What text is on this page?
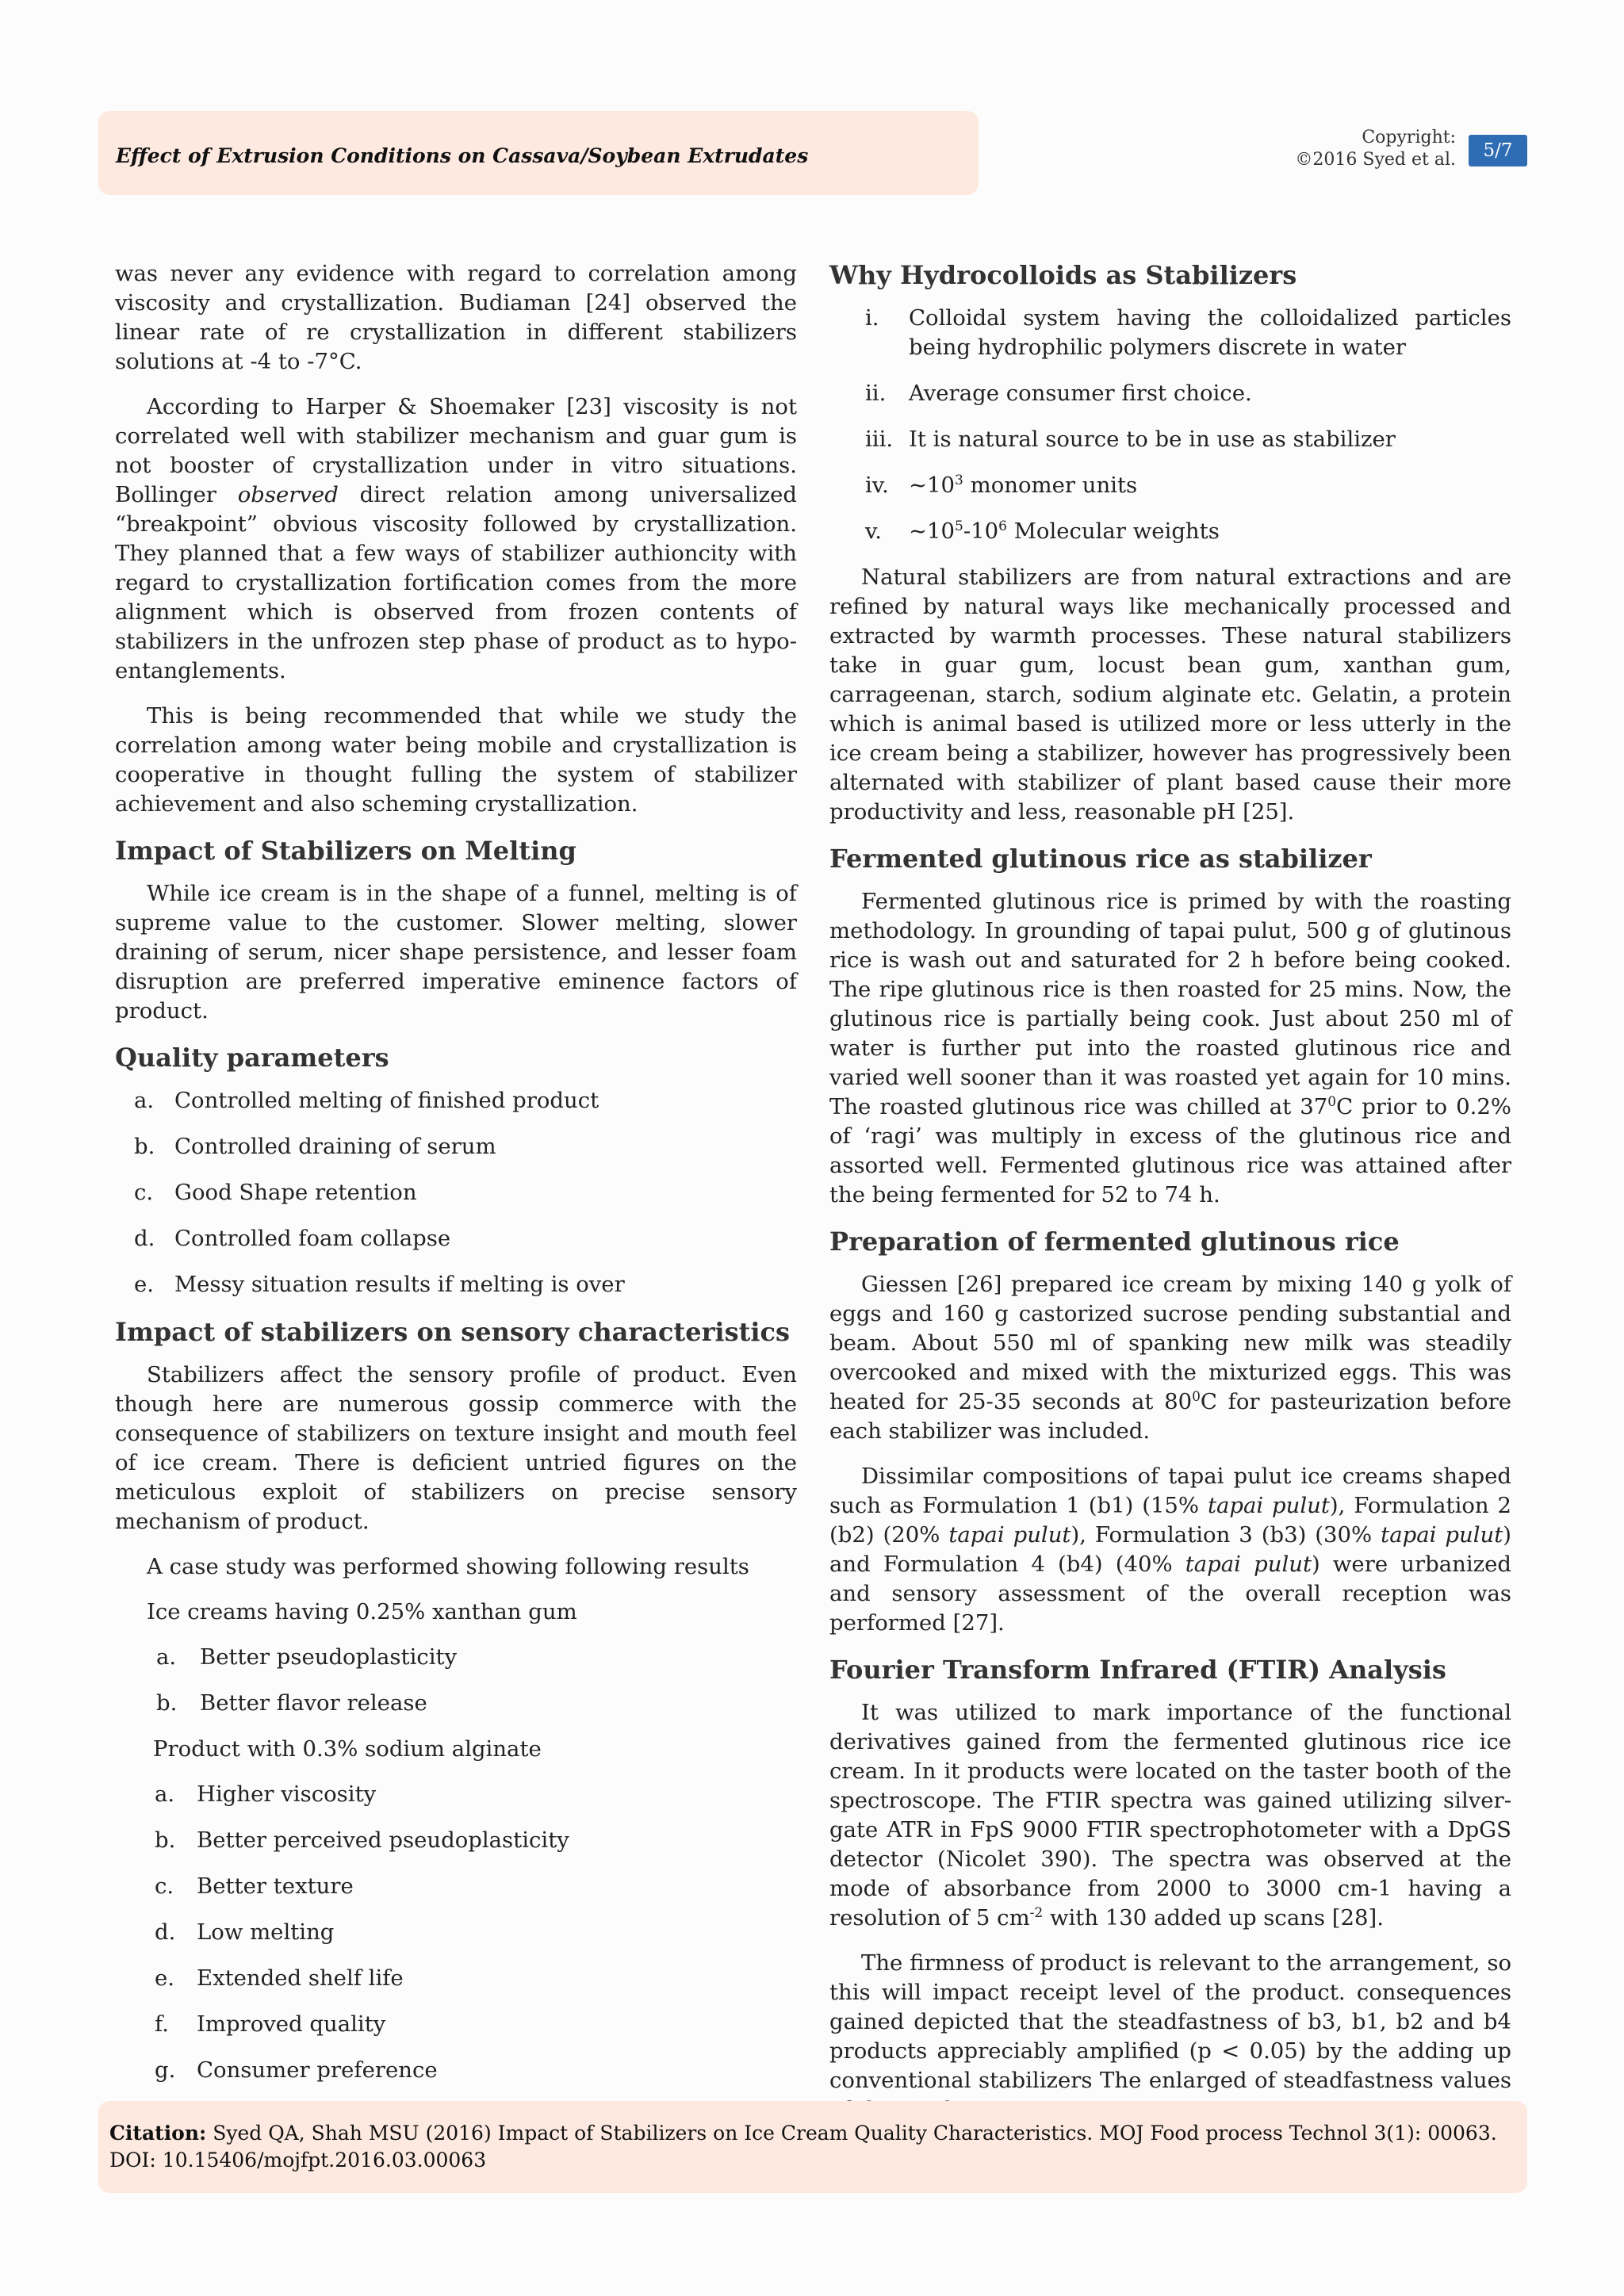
Effect of Extrusion Conditions on Cassava/Soybean Extrudates
Copyright:
©2016 Syed et al.	5/7

was never any evidence with regard to correlation among viscosity and crystallization. Budiaman [24] observed the linear rate of re crystallization in different stabilizers solutions at -4 to -7°C.

According to Harper & Shoemaker [23] viscosity is not correlated well with stabilizer mechanism and guar gum is not booster of crystallization under in vitro situations. Bollinger observed direct relation among universalized “breakpoint” obvious viscosity followed by crystallization. They planned that a few ways of stabilizer authioncity with regard to crystallization fortification comes from the more alignment which is observed from frozen contents of stabilizers in the unfrozen step phase of product as to hypo-entanglements.

This is being recommended that while we study the correlation among water being mobile and crystallization is cooperative in thought fulling the system of stabilizer achievement and also scheming crystallization.

Impact of Stabilizers on Melting

While ice cream is in the shape of a funnel, melting is of supreme value to the customer. Slower melting, slower draining of serum, nicer shape persistence, and lesser foam disruption are preferred imperative eminence factors of product.

Quality parameters
a. Controlled melting of finished product
b. Controlled draining of serum
c. Good Shape retention
d. Controlled foam collapse
e. Messy situation results if melting is over
Impact of stabilizers on sensory characteristics

Stabilizers affect the sensory profile of product. Even though here are numerous gossip commerce with the consequence of stabilizers on texture insight and mouth feel of ice cream. There is deficient untried figures on the meticulous exploit of stabilizers on precise sensory mechanism of product.

A case study was performed showing following results
Ice creams having 0.25% xanthan gum
a. Better pseudoplasticity
b. Better flavor release
Product with 0.3% sodium alginate
a. Higher viscosity
b. Better perceived pseudoplasticity
c. Better texture
d. Low melting
e. Extended shelf life
f. Improved quality
g. Consumer preference
Why Hydrocolloids as Stabilizers
i. Colloidal system having the colloidalized particles being hydrophilic polymers discrete in water
ii. Average consumer first choice.
iii. It is natural source to be in use as stabilizer
iv. $\sim 10^3$ monomer units
v. $\sim 10^5-10^6$ Molecular weights

Natural stabilizers are from natural extractions and are refined by natural ways like mechanically processed and extracted by warmth processes. These natural stabilizers take in guar gum, locust bean gum, xanthan gum, carrageenan, starch, sodium alginate etc. Gelatin, a protein which is animal based is utilized more or less utterly in the ice cream being a stabilizer, however has progressively been alternated with stabilizer of plant based cause their more productivity and less, reasonable pH [25].

Fermented glutinous rice as stabilizer

Fermented glutinous rice is primed by with the roasting methodology. In grounding of tapai pulut, 500 g of glutinous rice is wash out and saturated for 2 h before being cooked. The ripe glutinous rice is then roasted for 25 mins. Now, the glutinous rice is partially being cook. Just about 250 ml of water is further put into the roasted glutinous rice and varied well sooner than it was roasted yet again for 10 mins. The roasted glutinous rice was chilled at $37^0C$ prior to 0.2% of ‘ragi’ was multiply in excess of the glutinous rice and assorted well. Fermented glutinous rice was attained after the being fermented for 52 to 74 h.

Preparation of fermented glutinous rice

Giessen [26] prepared ice cream by mixing 140 g yolk of eggs and 160 g castorized sucrose pending substantial and beam. About 550 ml of spanking new milk was steadily overcooked and mixed with the mixturized eggs. This was heated for 25-35 seconds at $80^0C$ for pasteurization before each stabilizer was included.

Dissimilar compositions of tapai pulut ice creams shaped such as Formulation 1 (b1) (15% tapai pulut), Formulation 2 (b2) (20% tapai pulut), Formulation 3 (b3) (30% tapai pulut) and Formulation 4 (b4) (40% tapai pulut) were urbanized and sensory assessment of the overall reception was performed [27].

Fourier Transform Infrared (FTIR) Analysis

It was utilized to mark importance of the functional derivatives gained from the fermented glutinous rice ice cream. In it products were located on the taster booth of the spectroscope. The FTIR spectra was gained utilizing silver-gate ATR in FpS 9000 FTIR spectrophotometer with a DpGS detector (Nicolet 390). The spectra was observed at the mode of absorbance from 2000 to 3000 cm-1 having a resolution of 5 $cm^{-2}$ with 130 added up scans [28].

The firmness of product is relevant to the arrangement, so this will impact receipt level of the product. consequences gained depicted that the steadfastness of b3, b1, b2 and b4 products appreciably amplified (p < 0.05) by the adding up conventional stabilizers The enlarged of steadfastness values

Citation: Syed QA, Shah MSU (2016) Impact of Stabilizers on Ice Cream Quality Characteristics. MOJ Food process Technol 3(1): 00063.
DOI: 10.15406/mojfpt.2016.03.00063
